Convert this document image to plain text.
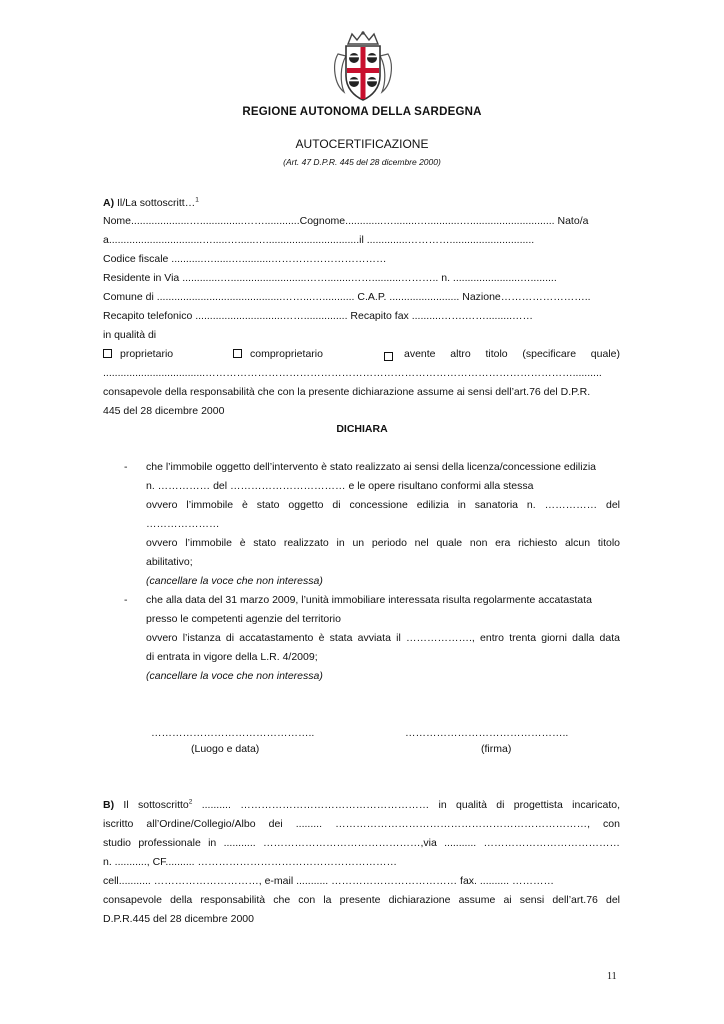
REGIONE AUTONOMA DELLA SARDEGNA
AUTOCERTIFICAZIONE
(Art. 47 D.P.R. 445 del 28 dicembre 2000)
A) Il/La sottoscritt…$^1$
Nome....................…...............……............Cognome.............…........…...........…............................. Nato/a
a................................….....…......…................................il ..............………….............................
Codice fiscale ...........…......…..........……………………………
Residente in Via .............…..........................……........……..........……….. n. .......................….........
Comune di ...........................................……...…........... C.A.P. ........................ Nazione……………………..
Recapito telefonico ..............................……............... Recapito fax ..........…….…….........……
in qualità di
proprietario	comproprietario	avente altro titolo (specificare quale)
...................................……………………………………………………………………………………………..........
consapevole della responsabilità che con la presente dichiarazione assume ai sensi dell’art.76 del D.P.R.
445 del 28 dicembre 2000
DICHIARA
- che l’immobile oggetto dell’intervento è stato realizzato ai sensi della licenza/concessione edilizia
n. …………… del …………………………… e le opere risultano conformi alla stessa
ovvero l’immobile è stato oggetto di concessione edilizia in sanatoria n. …………… del
…………………
ovvero l’immobile è stato realizzato in un periodo nel quale non era richiesto alcun titolo
abilitativo;
(cancellare la voce che non interessa)
- che alla data del 31 marzo 2009, l’unità immobiliare interessata risulta regolarmente accatastata
presso le competenti agenzie del territorio
ovvero l’istanza di accatastamento è stata avviata il ………………., entro trenta giorni dalla data
di entrata in vigore della L.R. 4/2009;
(cancellare la voce che non interessa)
………………………………………..	………………………………………..
(Luogo e data)	(firma)
B) Il sottoscritto$^2$ .......... ……………………………………………… in qualità di progettista incaricato,
iscritto all’Ordine/Collegio/Albo dei ......... ………………………………………………………………, con
studio professionale in ........... ………………………………………,via ........... …………………………………
n. ..........., CF.......... …………………………………………………
cell........... …………………………, e-mail ........... ……………………………… fax. .......... …………
consapevole della responsabilità che con la presente dichiarazione assume ai sensi dell’art.76 del
D.P.R.445 del 28 dicembre 2000
11
